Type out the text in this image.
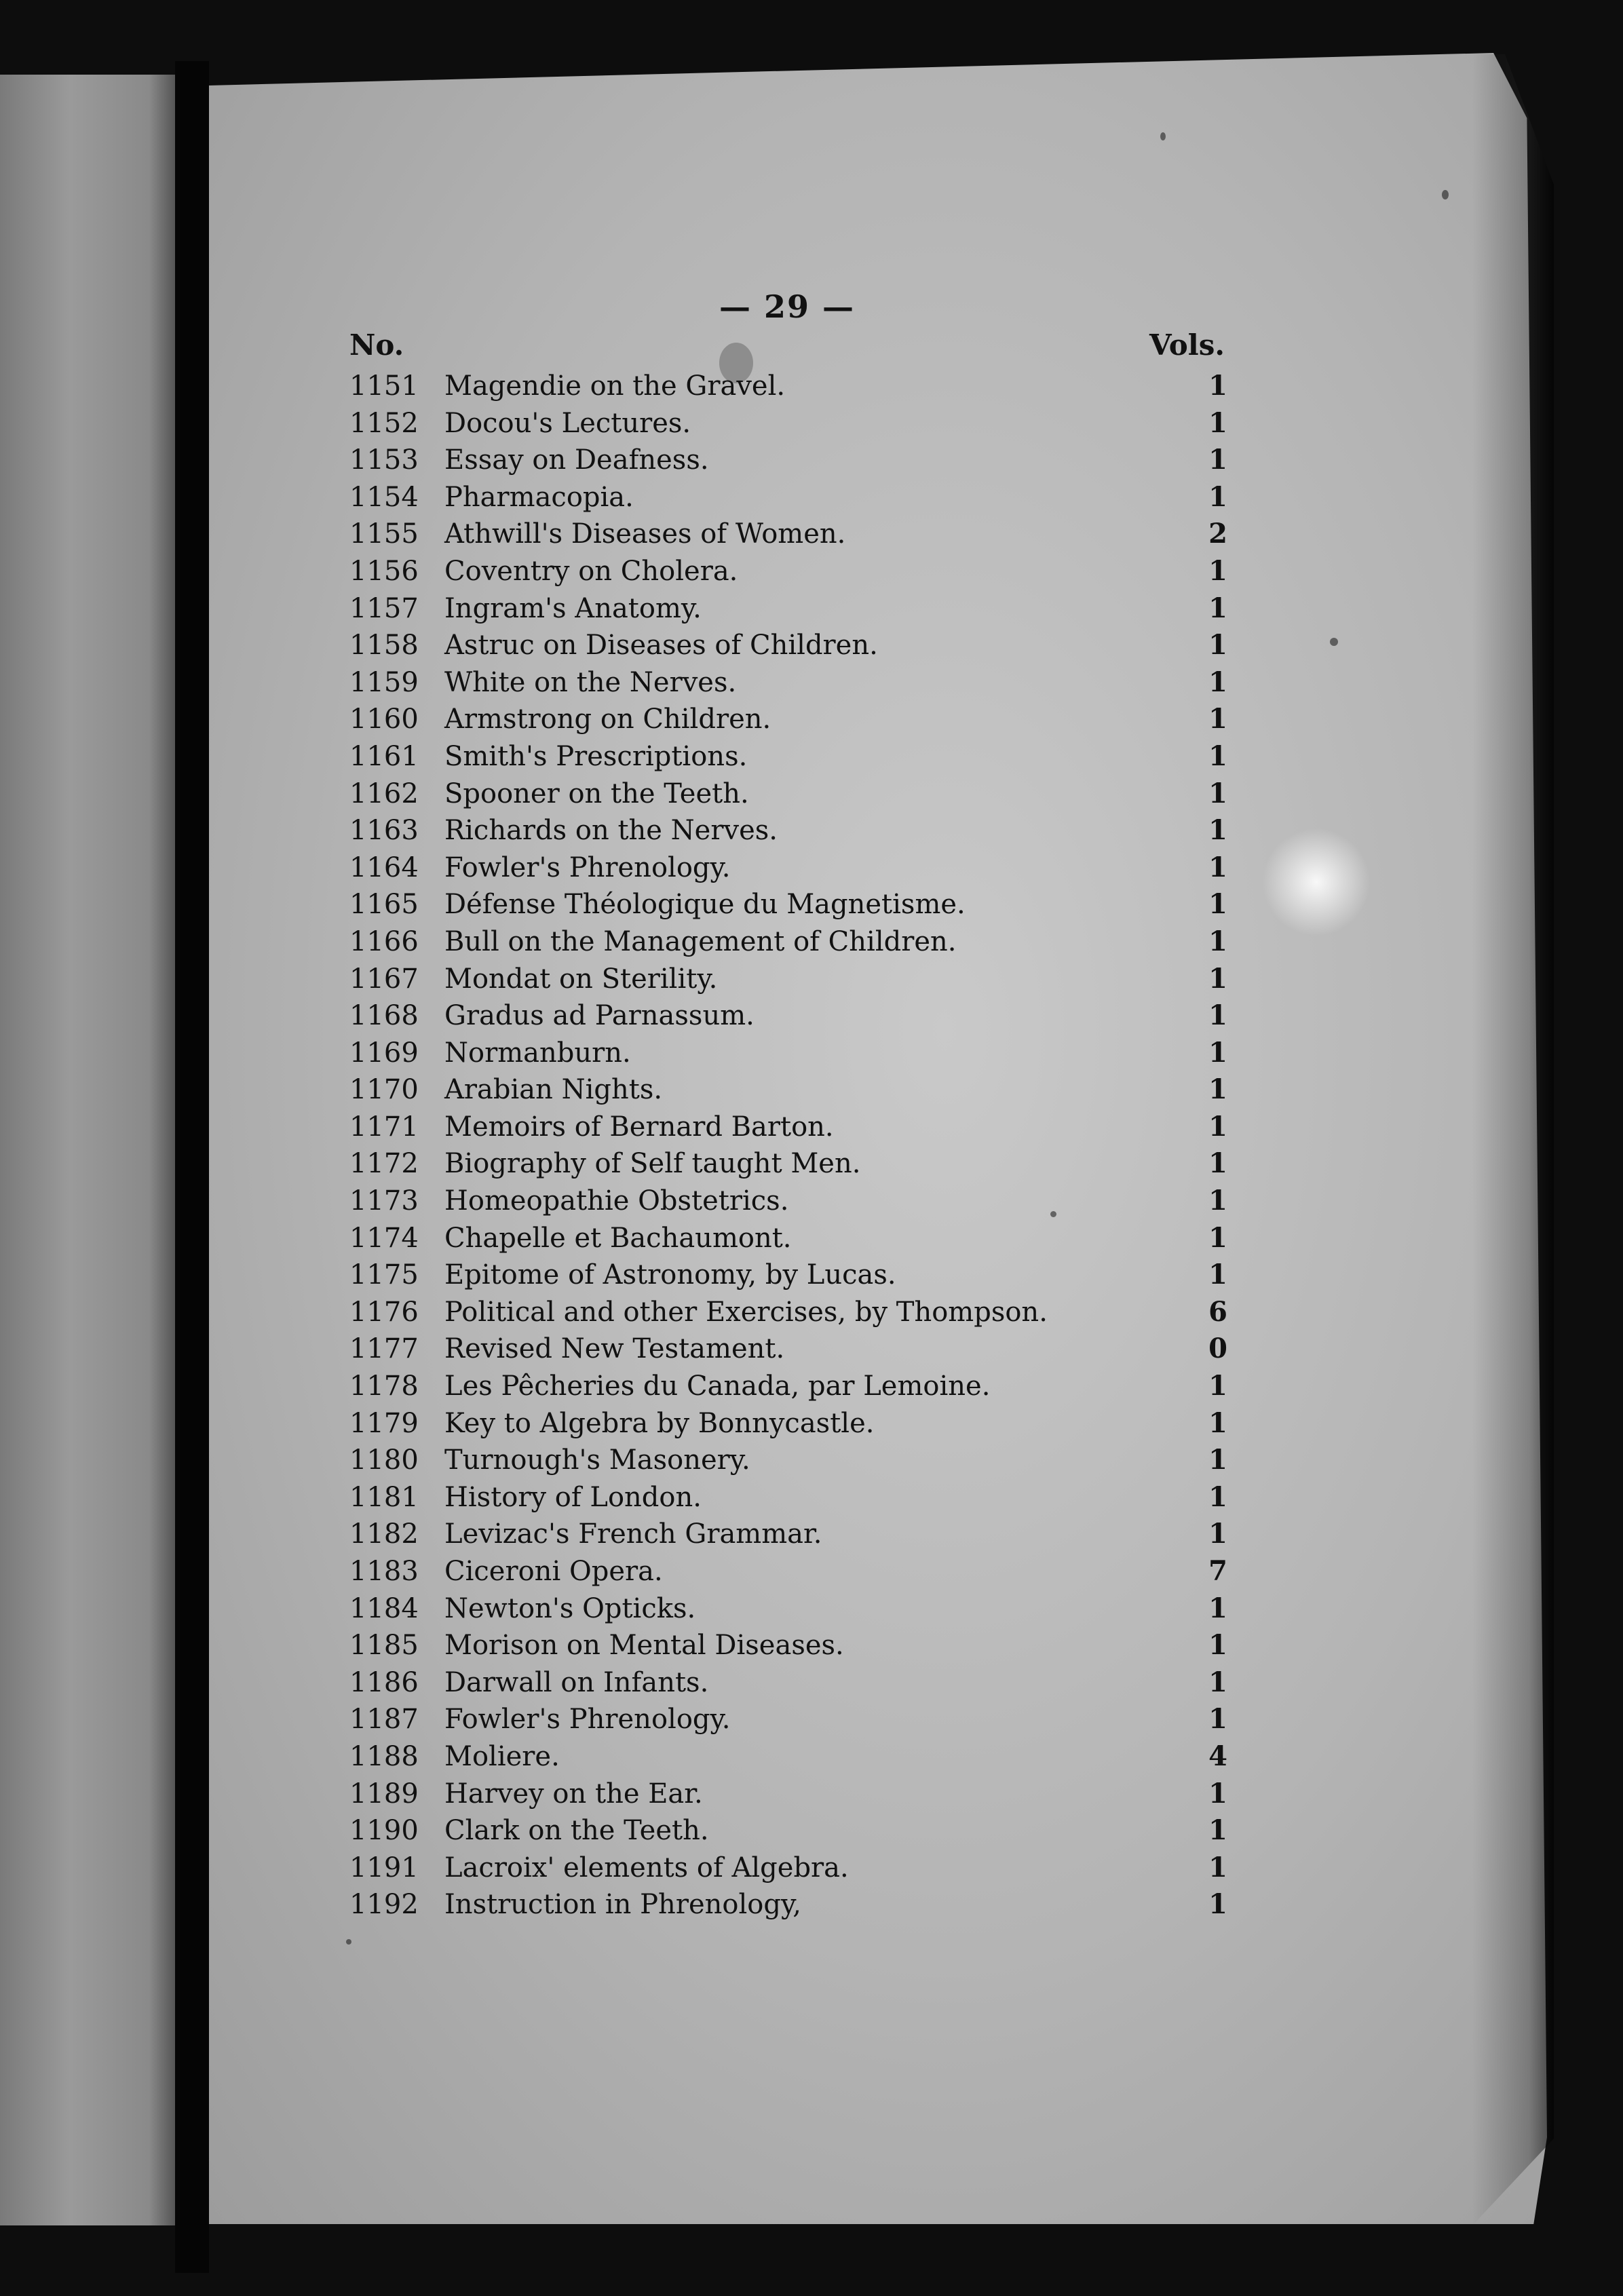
— 29 —
No.	Vols.
1151 Magendie on the Gravel.	1
1152 Docou's Lectures.	1
1153 Essay on Deafness.	1
1154 Pharmacopia.	1
1155 Athwill's Diseases of Women.	2
1156 Coventry on Cholera.	1
1157 Ingram's Anatomy.	1
1158 Astruc on Diseases of Children.	1
1159 White on the Nerves.	1
1160 Armstrong on Children.	1
1161 Smith's Prescriptions.	1
1162 Spooner on the Teeth.	1
1163 Richards on the Nerves.	1
1164 Fowler's Phrenology.	1
1165 Défense Théologique du Magnetisme.	1
1166 Bull on the Management of Children.	1
1167 Mondat on Sterility.	1
1168 Gradus ad Parnassum.	1
1169 Normanburn.	1
1170 Arabian Nights.	1
1171 Memoirs of Bernard Barton.	1
1172 Biography of Self taught Men.	1
1173 Homeopathie Obstetrics.	1
1174 Chapelle et Bachaumont.	1
1175 Epitome of Astronomy, by Lucas.	1
1176 Political and other Exercises, by Thompson.	6
1177 Revised New Testament.	0
1178 Les Pêcheries du Canada, par Lemoine.	1
1179 Key to Algebra by Bonnycastle.	1
1180 Turnough's Masonery.	1
1181 History of London.	1
1182 Levizac's French Grammar.	1
1183 Ciceroni Opera.	7
1184 Newton's Opticks.	1
1185 Morison on Mental Diseases.	1
1186 Darwall on Infants.	1
1187 Fowler's Phrenology.	1
1188 Moliere.	4
1189 Harvey on the Ear.	1
1190 Clark on the Teeth.	1
1191 Lacroix' elements of Algebra.	1
1192 Instruction in Phrenology,	1
